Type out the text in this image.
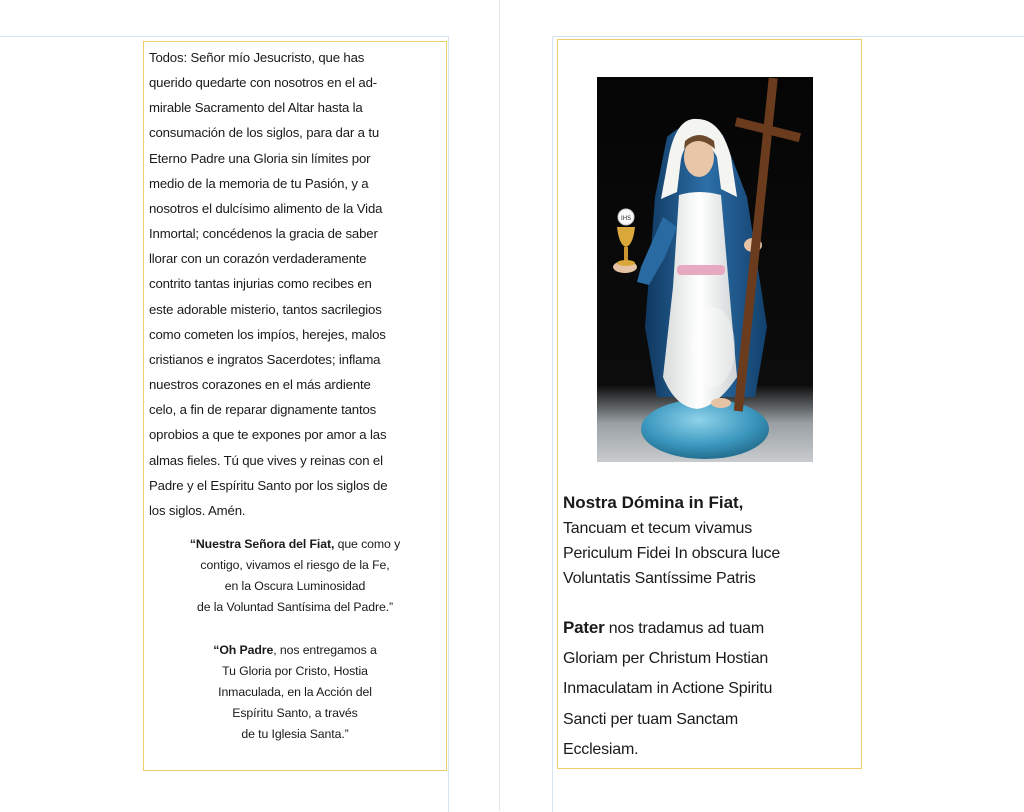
Todos: Señor mío Jesucristo, que has

querido quedarte con nosotros en el ad-

mirable Sacramento del Altar hasta la

consumación de los siglos, para dar a tu

Eterno Padre una Gloria sin límites por

medio de la memoria de tu Pasión, y a

nosotros el dulcísimo alimento de la Vida

Inmortal; concédenos la gracia de saber

llorar con un corazón verdaderamente

contrito tantas injurias como recibes en

este adorable misterio, tantos sacrilegios

como cometen los impíos, herejes, malos

cristianos e ingratos Sacerdotes; inflama

nuestros corazones en el más ardiente

celo, a fin de reparar dignamente tantos

oprobios a que te expones por amor a las

almas fieles. Tú que vives y reinas con el

Padre y el Espíritu Santo por los siglos de

los siglos. Amén.

“Nuestra Señora del Fiat, que como y

contigo, vivamos el riesgo de la Fe,

en la Oscura Luminosidad

de la Voluntad Santísima del Padre.”

“Oh Padre, nos entregamos a

Tu Gloria por Cristo, Hostia

Inmaculada, en la Acción del

Espíritu Santo, a través

de tu Iglesia Santa.”

IHS
Nostra Dómina in Fiat,

Tancuam et tecum vivamus

Periculum Fidei In obscura luce

Voluntatis Santíssime Patris

Pater nos tradamus ad tuam

Gloriam per Christum Hostian

Inmaculatam in Actione Spiritu

Sancti per tuam Sanctam

Ecclesiam.
